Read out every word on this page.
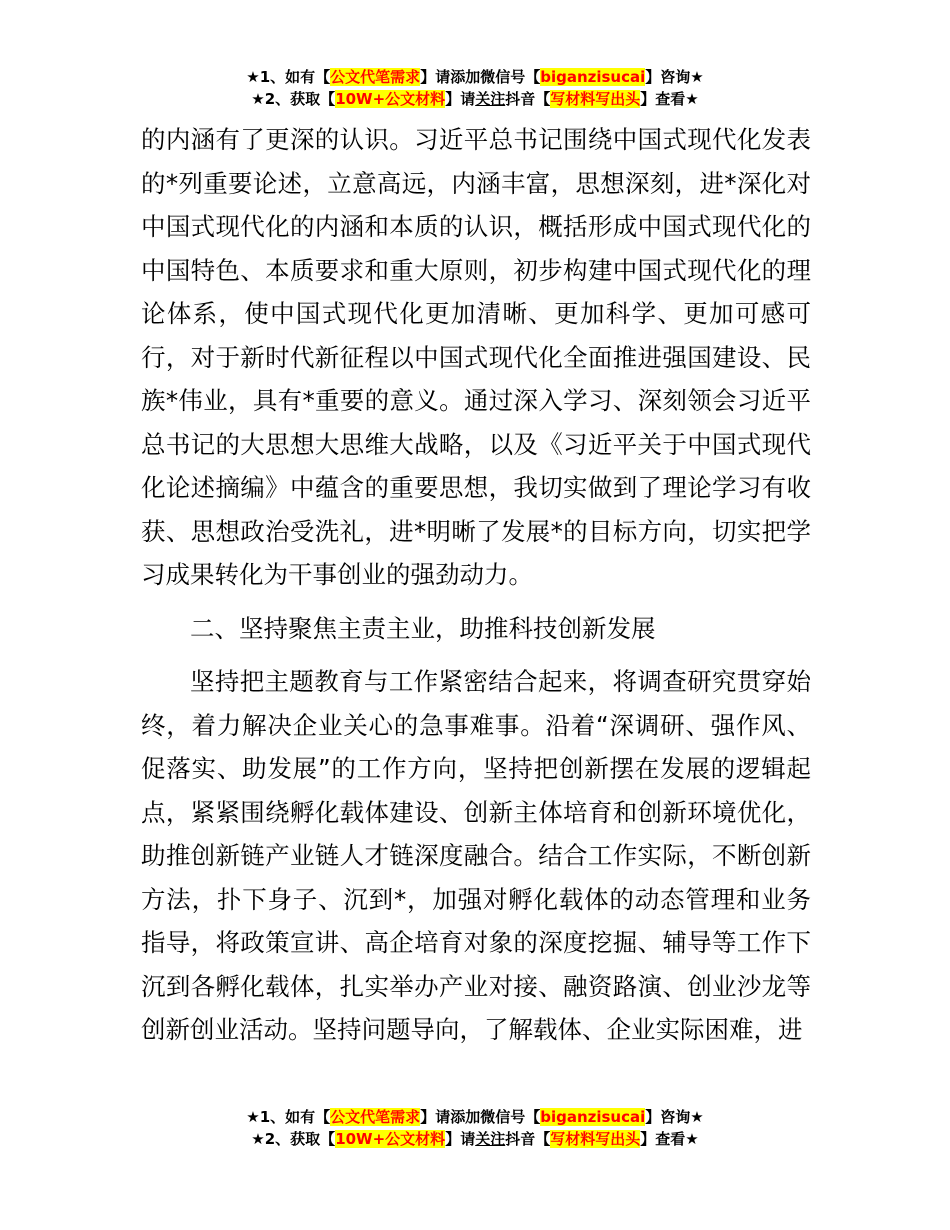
★1、如有【公文代笔需求】请添加微信号【biganzisucai】咨询★
★2、获取【10W+公文材料】请关注抖音【写材料写出头】查看★

的内涵有了更深的认识。习近平总书记围绕中国式现代化发表的*列重要论述，立意高远，内涵丰富，思想深刻，进*深化对中国式现代化的内涵和本质的认识，概括形成中国式现代化的中国特色、本质要求和重大原则，初步构建中国式现代化的理论体系，使中国式现代化更加清晰、更加科学、更加可感可行，对于新时代新征程以中国式现代化全面推进强国建设、民族*伟业，具有*重要的意义。通过深入学习、深刻领会习近平总书记的大思想大思维大战略，以及《习近平关于中国式现代化论述摘编》中蕴含的重要思想，我切实做到了理论学习有收获、思想政治受洗礼，进*明晰了发展*的目标方向，切实把学习成果转化为干事创业的强劲动力。

二、坚持聚焦主责主业，助推科技创新发展

坚持把主题教育与工作紧密结合起来，将调查研究贯穿始终，着力解决企业关心的急事难事。沿着“深调研、强作风、促落实、助发展”的工作方向，坚持把创新摆在发展的逻辑起点，紧紧围绕孵化载体建设、创新主体培育和创新环境优化，助推创新链产业链人才链深度融合。结合工作实际，不断创新方法，扑下身子、沉到*，加强对孵化载体的动态管理和业务指导，将政策宣讲、高企培育对象的深度挖掘、辅导等工作下沉到各孵化载体，扎实举办产业对接、融资路演、创业沙龙等创新创业活动。坚持问题导向，了解载体、企业实际困难，进

★1、如有【公文代笔需求】请添加微信号【biganzisucai】咨询★
★2、获取【10W+公文材料】请关注抖音【写材料写出头】查看★
